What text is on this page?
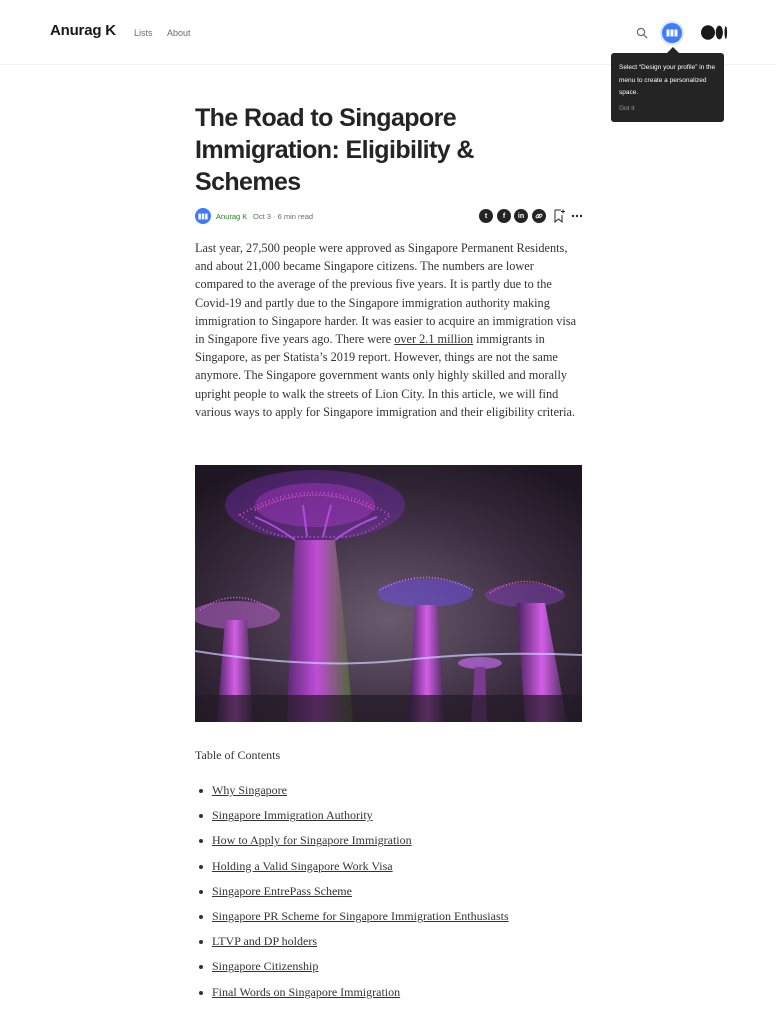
Anurag K Lists About
Select “Design your profile” in the menu to create a personalized space.
Got it
The Road to Singapore Immigration: Eligibility & Schemes
Anurag K Oct 3 · 6 min read	t	f	in

Last year, 27,500 people were approved as Singapore Permanent Residents, and about 21,000 became Singapore citizens. The numbers are lower compared to the average of the previous five years. It is partly due to the Covid-19 and partly due to the Singapore immigration authority making immigration to Singapore harder. It was easier to acquire an immigration visa in Singapore five years ago. There were over 2.1 million immigrants in Singapore, as per Statista’s 2019 report. However, things are not the same anymore. The Singapore government wants only highly skilled and morally upright people to walk the streets of Lion City. In this article, we will find various ways to apply for Singapore immigration and their eligibility criteria.

Table of Contents
Why Singapore
Singapore Immigration Authority
How to Apply for Singapore Immigration
Holding a Valid Singapore Work Visa
Singapore EntrePass Scheme
Singapore PR Scheme for Singapore Immigration Enthusiasts
LTVP and DP holders
Singapore Citizenship
Final Words on Singapore Immigration
